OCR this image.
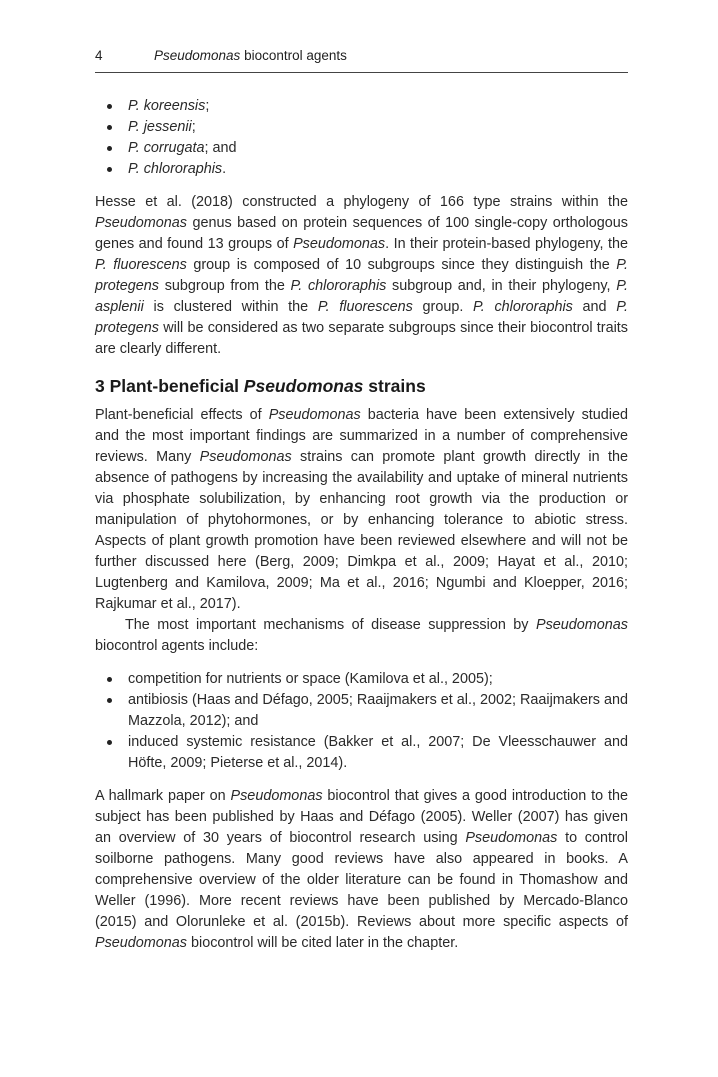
4	Pseudomonas biocontrol agents
P. koreensis;
P. jessenii;
P. corrugata; and
P. chlororaphis.

Hesse et al. (2018) constructed a phylogeny of 166 type strains within the Pseudomonas genus based on protein sequences of 100 single-copy orthologous genes and found 13 groups of Pseudomonas. In their protein-based phylogeny, the P. fluorescens group is composed of 10 subgroups since they distinguish the P. protegens subgroup from the P. chlororaphis subgroup and, in their phylogeny, P. asplenii is clustered within the P. fluorescens group. P. chlororaphis and P. protegens will be considered as two separate subgroups since their biocontrol traits are clearly different.

3 Plant-beneficial Pseudomonas strains

Plant-beneficial effects of Pseudomonas bacteria have been extensively studied and the most important findings are summarized in a number of comprehensive reviews. Many Pseudomonas strains can promote plant growth directly in the absence of pathogens by increasing the availability and uptake of mineral nutrients via phosphate solubilization, by enhancing root growth via the production or manipulation of phytohormones, or by enhancing tolerance to abiotic stress. Aspects of plant growth promotion have been reviewed elsewhere and will not be further discussed here (Berg, 2009; Dimkpa et al., 2009; Hayat et al., 2010; Lugtenberg and Kamilova, 2009; Ma et al., 2016; Ngumbi and Kloepper, 2016; Rajkumar et al., 2017).

The most important mechanisms of disease suppression by Pseudomonas biocontrol agents include:

competition for nutrients or space (Kamilova et al., 2005);
antibiosis (Haas and Défago, 2005; Raaijmakers et al., 2002; Raaijmakers and Mazzola, 2012); and
induced systemic resistance (Bakker et al., 2007; De Vleesschauwer and Höfte, 2009; Pieterse et al., 2014).

A hallmark paper on Pseudomonas biocontrol that gives a good introduction to the subject has been published by Haas and Défago (2005). Weller (2007) has given an overview of 30 years of biocontrol research using Pseudomonas to control soilborne pathogens. Many good reviews have also appeared in books. A comprehensive overview of the older literature can be found in Thomashow and Weller (1996). More recent reviews have been published by Mercado-Blanco (2015) and Olorunleke et al. (2015b). Reviews about more specific aspects of Pseudomonas biocontrol will be cited later in the chapter.
